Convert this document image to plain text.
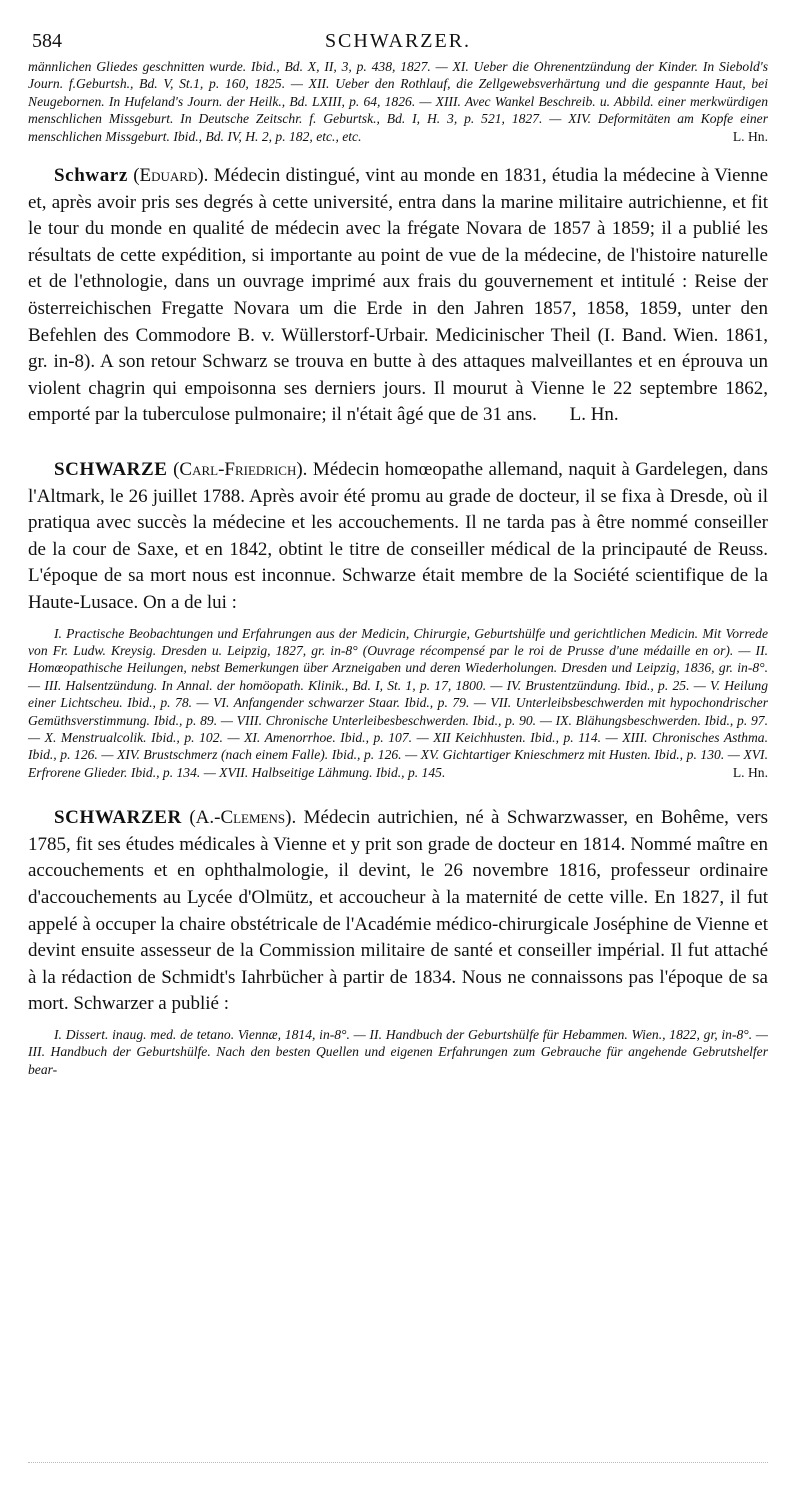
584	SCHWARZER.
männlichen Gliedes geschnitten wurde. Ibid., Bd. X, II, 3, p. 438, 1827. — XI. Ueber die Ohrenentzündung der Kinder. In Siebold's Journ. f.Geburtsh., Bd. V, St.1, p. 160, 1825. — XII. Ueber den Rothlauf, die Zellgewebsverhärtung und die gespannte Haut, bei Neugebornen. In Hufeland's Journ. der Heilk., Bd. LXIII, p. 64, 1826. — XIII. Avec Wankel Beschreib. u. Abbild. einer merkwürdigen menschlichen Missgeburt. In Deutsche Zeitschr. f. Geburtsk., Bd. I, H. 3, p. 521, 1827. — XIV. Deformitäten am Kopfe einer menschlichen Missgeburt. Ibid., Bd. IV, H. 2, p. 182, etc., etc.	L. Hn.
Schwarz (Eduard). Médecin distingué, vint au monde en 1831, étudia la médecine à Vienne et, après avoir pris ses degrés à cette université, entra dans la marine militaire autrichienne, et fit le tour du monde en qualité de médecin avec la frégate Novara de 1857 à 1859; il a publié les résultats de cette expédition, si importante au point de vue de la médecine, de l'histoire naturelle et de l'ethnologie, dans un ouvrage imprimé aux frais du gouvernement et intitulé : Reise der österreichischen Fregatte Novara um die Erde in den Jahren 1857, 1858, 1859, unter den Befehlen des Commodore B. v. Wüllerstorf-Urbair. Medicinischer Theil (I. Band. Wien. 1861, gr. in-8). A son retour Schwarz se trouva en butte à des attaques malveillantes et en éprouva un violent chagrin qui empoisonna ses derniers jours. Il mourut à Vienne le 22 septembre 1862, emporté par la tuberculose pulmonaire; il n'était âgé que de 31 ans. L. Hn.
SCHWARZE (Carl-Friedrich). Médecin homœopathe allemand, naquit à Gardelegen, dans l'Altmark, le 26 juillet 1788. Après avoir été promu au grade de docteur, il se fixa à Dresde, où il pratiqua avec succès la médecine et les accouchements. Il ne tarda pas à être nommé conseiller de la cour de Saxe, et en 1842, obtint le titre de conseiller médical de la principauté de Reuss. L'époque de sa mort nous est inconnue. Schwarze était membre de la Société scientifique de la Haute-Lusace. On a de lui :
I. Practische Beobachtungen und Erfahrungen aus der Medicin, Chirurgie, Geburtshülfe und gerichtlichen Medicin. Mit Vorrede von Fr. Ludw. Kreysig. Dresden u. Leipzig, 1827, gr. in-8° (Ouvrage récompensé par le roi de Prusse d'une médaille en or). — II. Homœopathische Heilungen, nebst Bemerkungen über Arzneigaben und deren Wiederholungen. Dresden und Leipzig, 1836, gr. in-8°. — III. Halsentzündung. In Annal. der homöopath. Klinik., Bd. I, St. 1, p. 17, 1800. — IV. Brustentzündung. Ibid., p. 25. — V. Heilung einer Lichtscheu. Ibid., p. 78. — VI. Anfangender schwarzer Staar. Ibid., p. 79. — VII. Unterleibsbeschwerden mit hypochondrischer Gemüthsverstimmung. Ibid., p. 89. — VIII. Chronische Unterleibesbeschwerden. Ibid., p. 90. — IX. Blähungsbeschwerden. Ibid., p. 97. — X. Menstrualcolik. Ibid., p. 102. — XI. Amenorrhoe. Ibid., p. 107. — XII Keichhusten. Ibid., p. 114. — XIII. Chronisches Asthma. Ibid., p. 126. — XIV. Brustschmerz (nach einem Falle). Ibid., p. 126. — XV. Gichtartiger Knieschmerz mit Husten. Ibid., p. 130. — XVI. Erfrorene Glieder. Ibid., p. 134. — XVII. Halbseitige Lähmung. Ibid., p. 145.	L. Hn.
SCHWARZER (A.-Clemens). Médecin autrichien, né à Schwarzwasser, en Bohême, vers 1785, fit ses études médicales à Vienne et y prit son grade de docteur en 1814. Nommé maître en accouchements et en ophthalmologie, il devint, le 26 novembre 1816, professeur ordinaire d'accouchements au Lycée d'Olmütz, et accoucheur à la maternité de cette ville. En 1827, il fut appelé à occuper la chaire obstétricale de l'Académie médico-chirurgicale Joséphine de Vienne et devint ensuite assesseur de la Commission militaire de santé et conseiller impérial. Il fut attaché à la rédaction de Schmidt's Iahrbücher à partir de 1834. Nous ne connaissons pas l'époque de sa mort. Schwarzer a publié :
I. Dissert. inaug. med. de tetano. Viennæ, 1814, in-8°. — II. Handbuch der Geburtshülfe für Hebammen. Wien., 1822, gr, in-8°. — III. Handbuch der Geburtshülfe. Nach den besten Quellen und eigenen Erfahrungen zum Gebrauche für angehende Gebrutshelfer bear-
